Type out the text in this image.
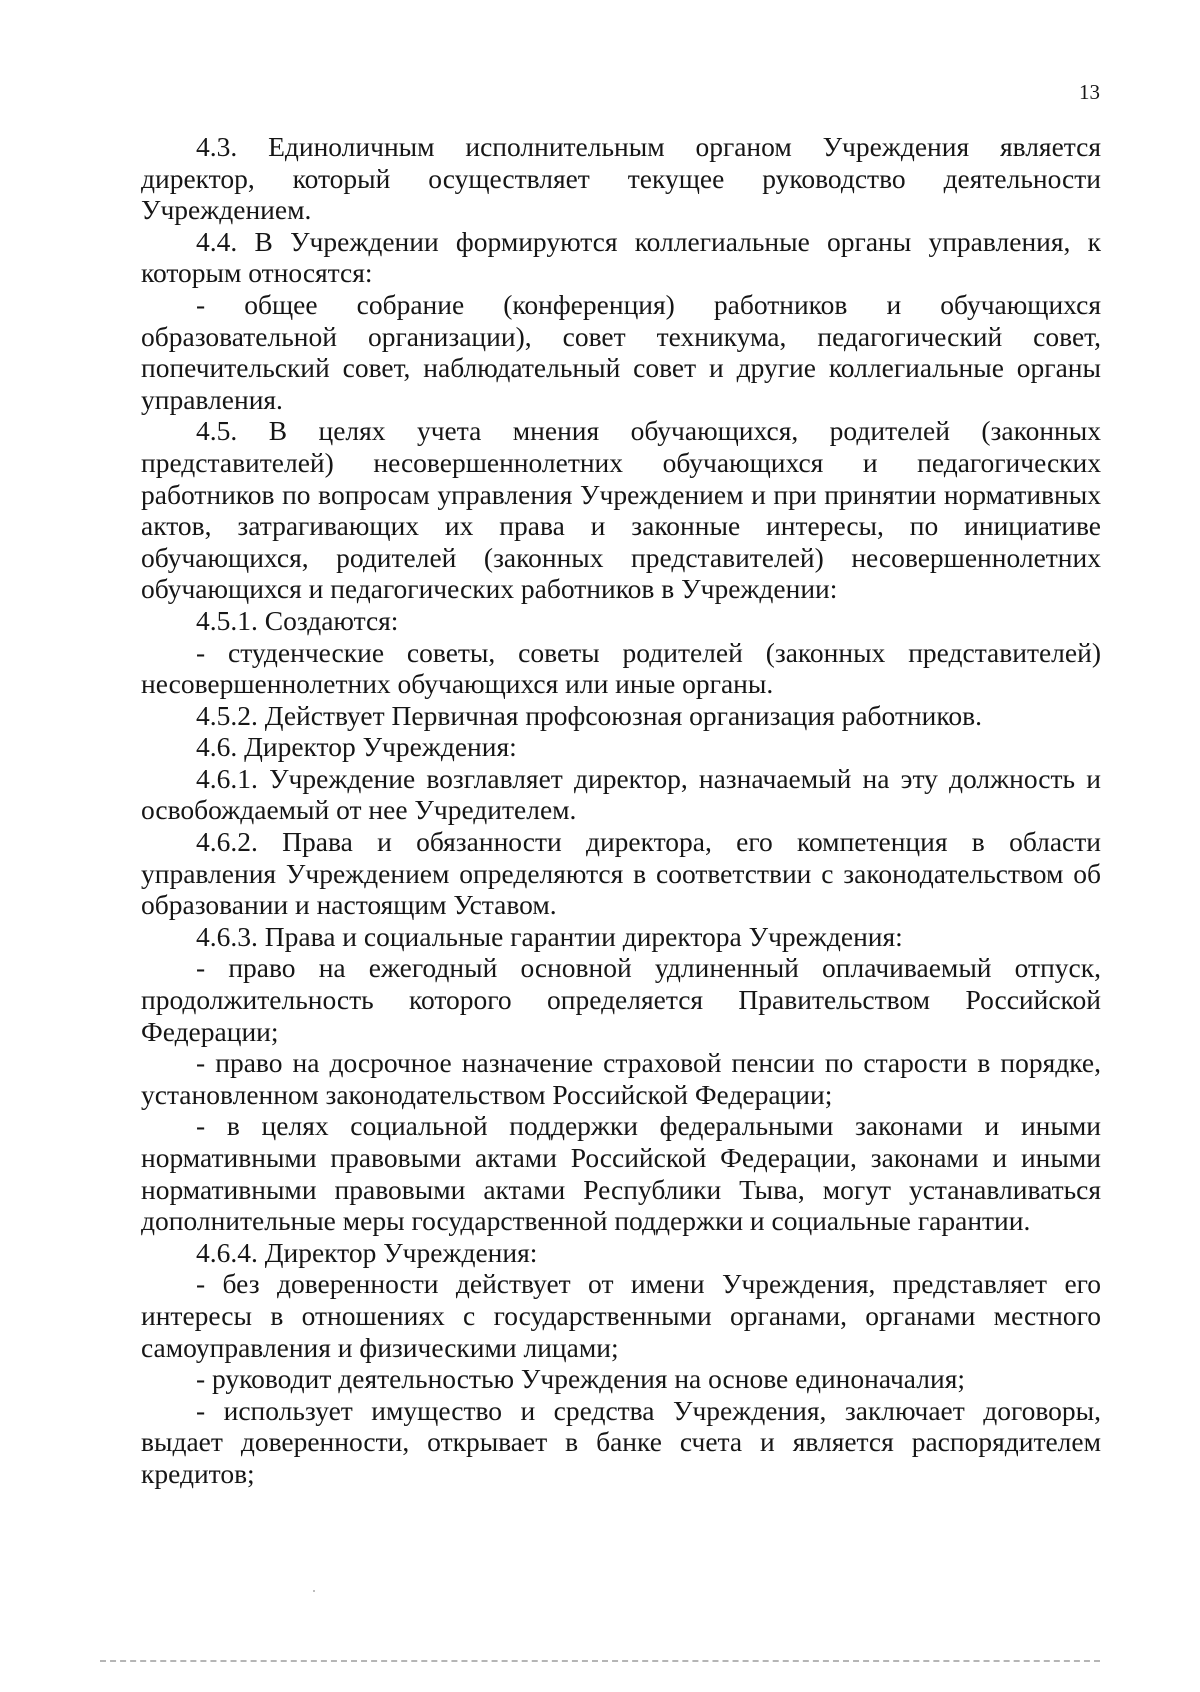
13

4.3. Единоличным исполнительным органом Учреждения является директор, который осуществляет текущее руководство деятельности Учреждением.

4.4. В Учреждении формируются коллегиальные органы управления, к которым относятся:

- общее собрание (конференция) работников и обучающихся образовательной организации), совет техникума, педагогический совет, попечительский совет, наблюдательный совет и другие коллегиальные органы управления.

4.5. В целях учета мнения обучающихся, родителей (законных представителей) несовершеннолетних обучающихся и педагогических работников по вопросам управления Учреждением и при принятии нормативных актов, затрагивающих их права и законные интересы, по инициативе обучающихся, родителей (законных представителей) несовершеннолетних обучающихся и педагогических работников в Учреждении:

4.5.1. Создаются:

- студенческие советы, советы родителей (законных представителей) несовершеннолетних обучающихся или иные органы.

4.5.2. Действует Первичная профсоюзная организация работников.

4.6. Директор Учреждения:

4.6.1. Учреждение возглавляет директор, назначаемый на эту должность и освобождаемый от нее Учредителем.

4.6.2. Права и обязанности директора, его компетенция в области управления Учреждением определяются в соответствии с законодательством об образовании и настоящим Уставом.

4.6.3. Права и социальные гарантии директора Учреждения:

- право на ежегодный основной удлиненный оплачиваемый отпуск, продолжительность которого определяется Правительством Российской Федерации;

- право на досрочное назначение страховой пенсии по старости в порядке, установленном законодательством Российской Федерации;

- в целях социальной поддержки федеральными законами и иными нормативными правовыми актами Российской Федерации, законами и иными нормативными правовыми актами Республики Тыва, могут устанавливаться дополнительные меры государственной поддержки и социальные гарантии.

4.6.4. Директор Учреждения:

- без доверенности действует от имени Учреждения, представляет его интересы в отношениях с государственными органами, органами местного самоуправления и физическими лицами;

- руководит деятельностью Учреждения на основе единоначалия;

- использует имущество и средства Учреждения, заключает договоры, выдает доверенности, открывает в банке счета и является распорядителем кредитов;
